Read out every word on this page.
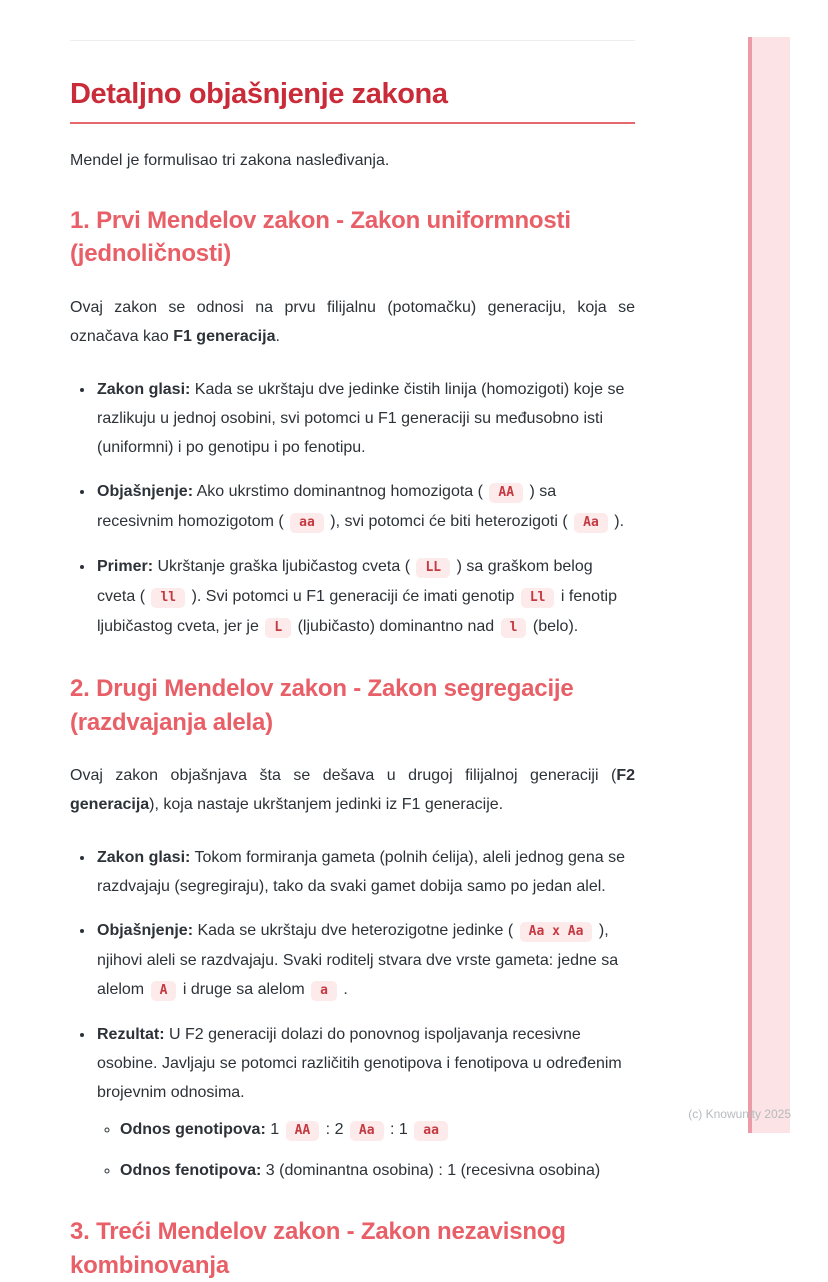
Detaljno objašnjenje zakona

Mendel je formulisao tri zakona nasleđivanja.

1. Prvi Mendelov zakon - Zakon uniformnosti (jednoličnosti)

Ovaj zakon se odnosi na prvu filijalnu (potomačku) generaciju, koja se označava kao F1 generacija.

• Zakon glasi: Kada se ukrštaju dve jedinke čistih linija (homozigoti) koje se razlikuju u jednoj osobini, svi potomci u F1 generaciji su međusobno isti (uniformni) i po genotipu i po fenotipu.
• Objašnjenje: Ako ukrstimo dominantnog homozigota ( AA ) sa recesivnim homozigotom ( aa ), svi potomci će biti heterozigoti ( Aa ).
• Primer: Ukrštanje graška ljubičastog cveta ( LL ) sa graškom belog cveta ( ll ). Svi potomci u F1 generaciji će imati genotip Ll i fenotip ljubičastog cveta, jer je L (ljubičasto) dominantno nad l (belo).
2. Drugi Mendelov zakon - Zakon segregacije (razdvajanja alela)

Ovaj zakon objašnjava šta se dešava u drugoj filijalnoj generaciji (F2 generacija), koja nastaje ukrštanjem jedinki iz F1 generacije.

• Zakon glasi: Tokom formiranja gameta (polnih ćelija), aleli jednog gena se razdvajaju (segregiraju), tako da svaki gamet dobija samo po jedan alel.
• Objašnjenje: Kada se ukrštaju dve heterozigotne jedinke ( Aa x Aa ), njihovi aleli se razdvajaju. Svaki roditelj stvara dve vrste gameta: jedne sa alelom A i druge sa alelom a .
• Rezultat: U F2 generaciji dolazi do ponovnog ispoljavanja recesivne osobine. Javljaju se potomci različitih genotipova i fenotipova u određenim brojevnim odnosima.
◦ Odnos genotipova: 1 AA : 2 Aa : 1 aa
◦ Odnos fenotipova: 3 (dominantna osobina) : 1 (recesivna osobina)
3. Treći Mendelov zakon - Zakon nezavisnog kombinovanja
(c) Knowunity 2025
